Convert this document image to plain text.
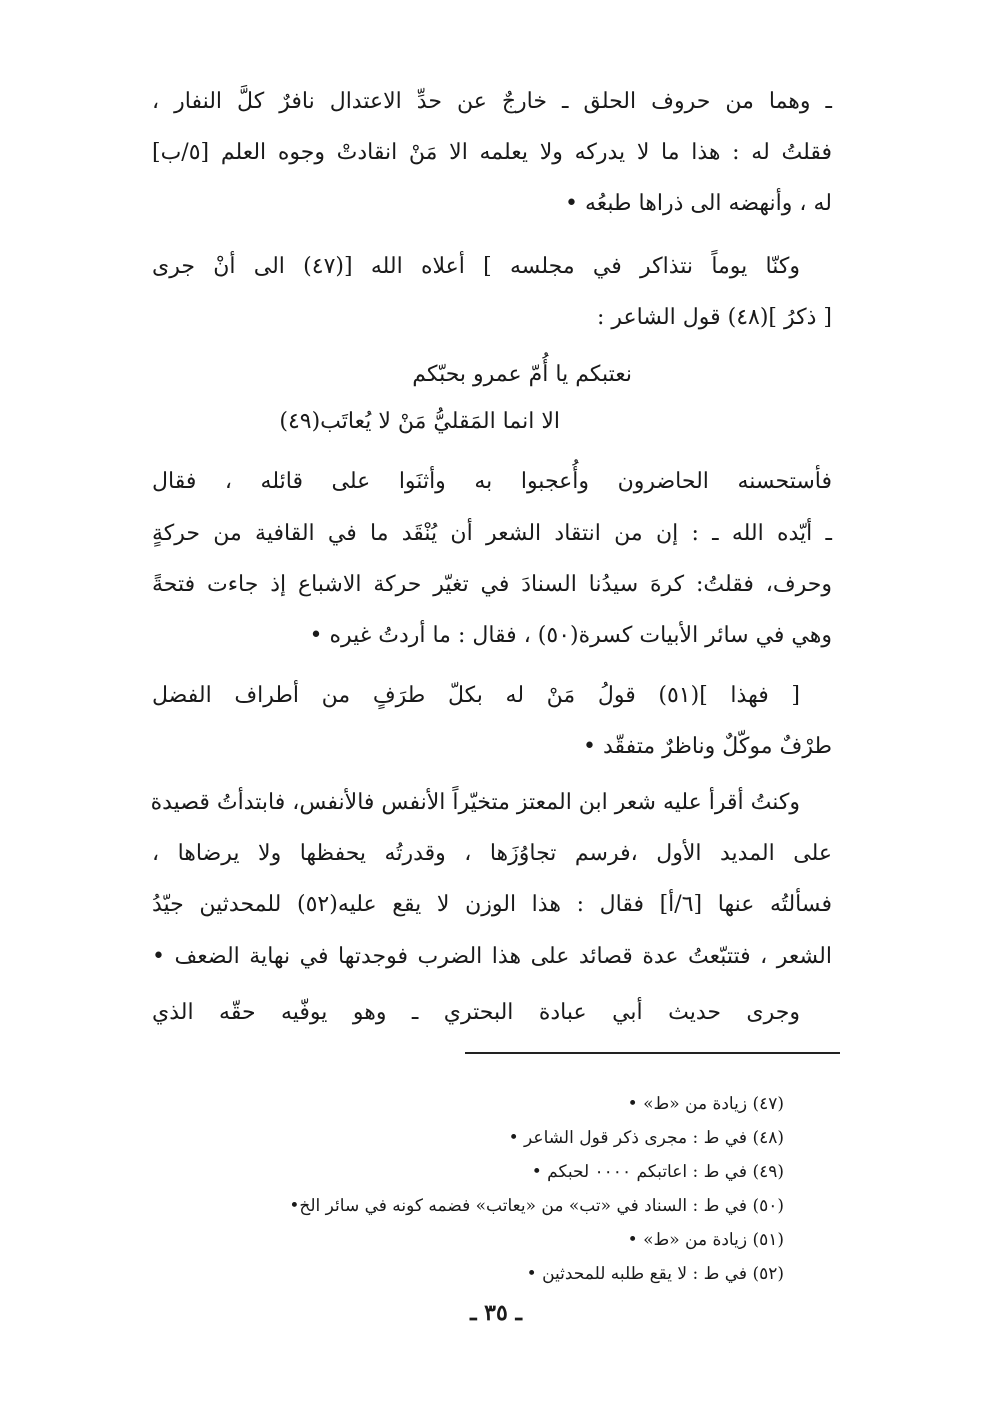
ـ وهما من حروف الحلق ـ خارجٌ عن حدِّ الاعتدال نافرٌ كلَّ النفار ،
فقلتُ له : هذا ما لا يدركه ولا يعلمه الا مَنْ انقادتْ وجوه العلم [٥/ب]
له ، وأنهضه الى ذراها طبعُه •
وكنّا يوماً نتذاكر في مجلسه ] أعلاه الله [(٤٧) الى أنْ جرى
[ ذكرُ ](٤٨) قول الشاعر :
نعتبكم يا أُمّ عمرو بحبّكم
الا انما المَقليُّ مَنْ لا يُعاتَب(٤٩)
فأستحسنه الحاضرون وأُعجبوا به وأثنَوا على قائله ، فقال
ـ أيّده الله ـ : إن من انتقاد الشعر أن يُنْقَد ما في القافية من حركةٍ
وحرف، فقلتُ: كرهَ سيدُنا السنادَ في تغيّر حركة الاشباع إذ جاءت فتحةً
وهي في سائر الأبيات كسرة(٥٠) ، فقال : ما أردتُ غيره •
[ فهذا ](٥١) قولُ مَنْ له بكلّ طرَفٍ من أطراف الفضل
طرْفٌ موكّلٌ وناظرٌ متفقّد •
وكنتُ أقرأ عليه شعر ابن المعتز متخيّراً الأنفس فالأنفس، فابتدأتُ قصيدة
على المديد الأول ،فرسم تجاوُزَها ، وقدرتُه يحفظها ولا يرضاها ،
فسألتُه عنها [٦/أ] فقال : هذا الوزن لا يقع عليه(٥٢) للمحدثين جيّدُ
الشعر ، فتتبّعتُ عدة قصائد على هذا الضرب فوجدتها في نهاية الضعف •
وجرى حديث أبي عبادة البحتري ـ وهو يوفّيه حقّه الذي
(٤٧) زيادة من «ط» •
(٤٨) في ط : مجرى ذكر قول الشاعر •
(٤٩) في ط : اعاتبكم ٠٠٠٠ لحبكم •
(٥٠) في ط : السناد في «تب» من «يعاتب» فضمه كونه في سائر الخ•
(٥١) زيادة من «ط» •
(٥٢) في ط : لا يقع طلبه للمحدثين •
ـ ٣٥ ـ
